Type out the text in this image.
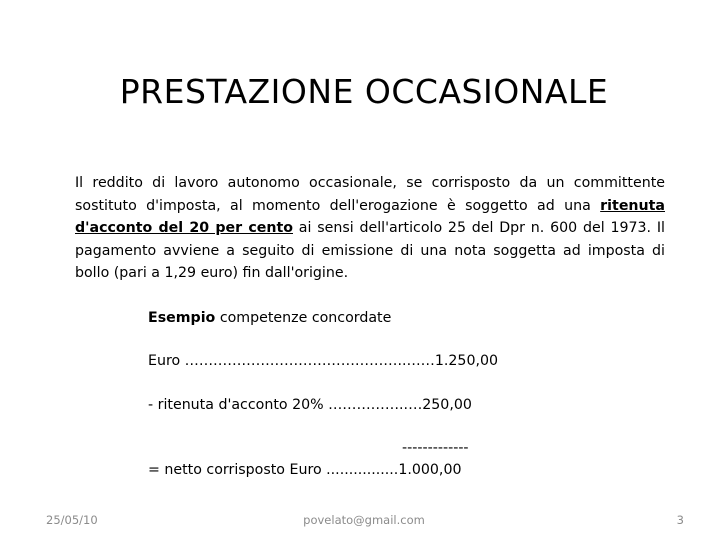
PRESTAZIONE OCCASIONALE
Il reddito di lavoro autonomo occasionale, se corrisposto da un committente sostituto d'imposta, al momento dell'erogazione è soggetto ad una ritenuta d'acconto del 20 per cento ai sensi dell'articolo 25 del Dpr n. 600 del 1973. Il pagamento avviene a seguito di emissione di una nota soggetta ad imposta di bollo (pari a 1,29 euro) fin dall'origine.
Esempio competenze concordate
Euro ………………………………………..……1.250,00
- ritenuta d'acconto 20% ……………..…250,00
-------------
= netto corrisposto Euro ................1.000,00
25/05/10	povelato@gmail.com	3
